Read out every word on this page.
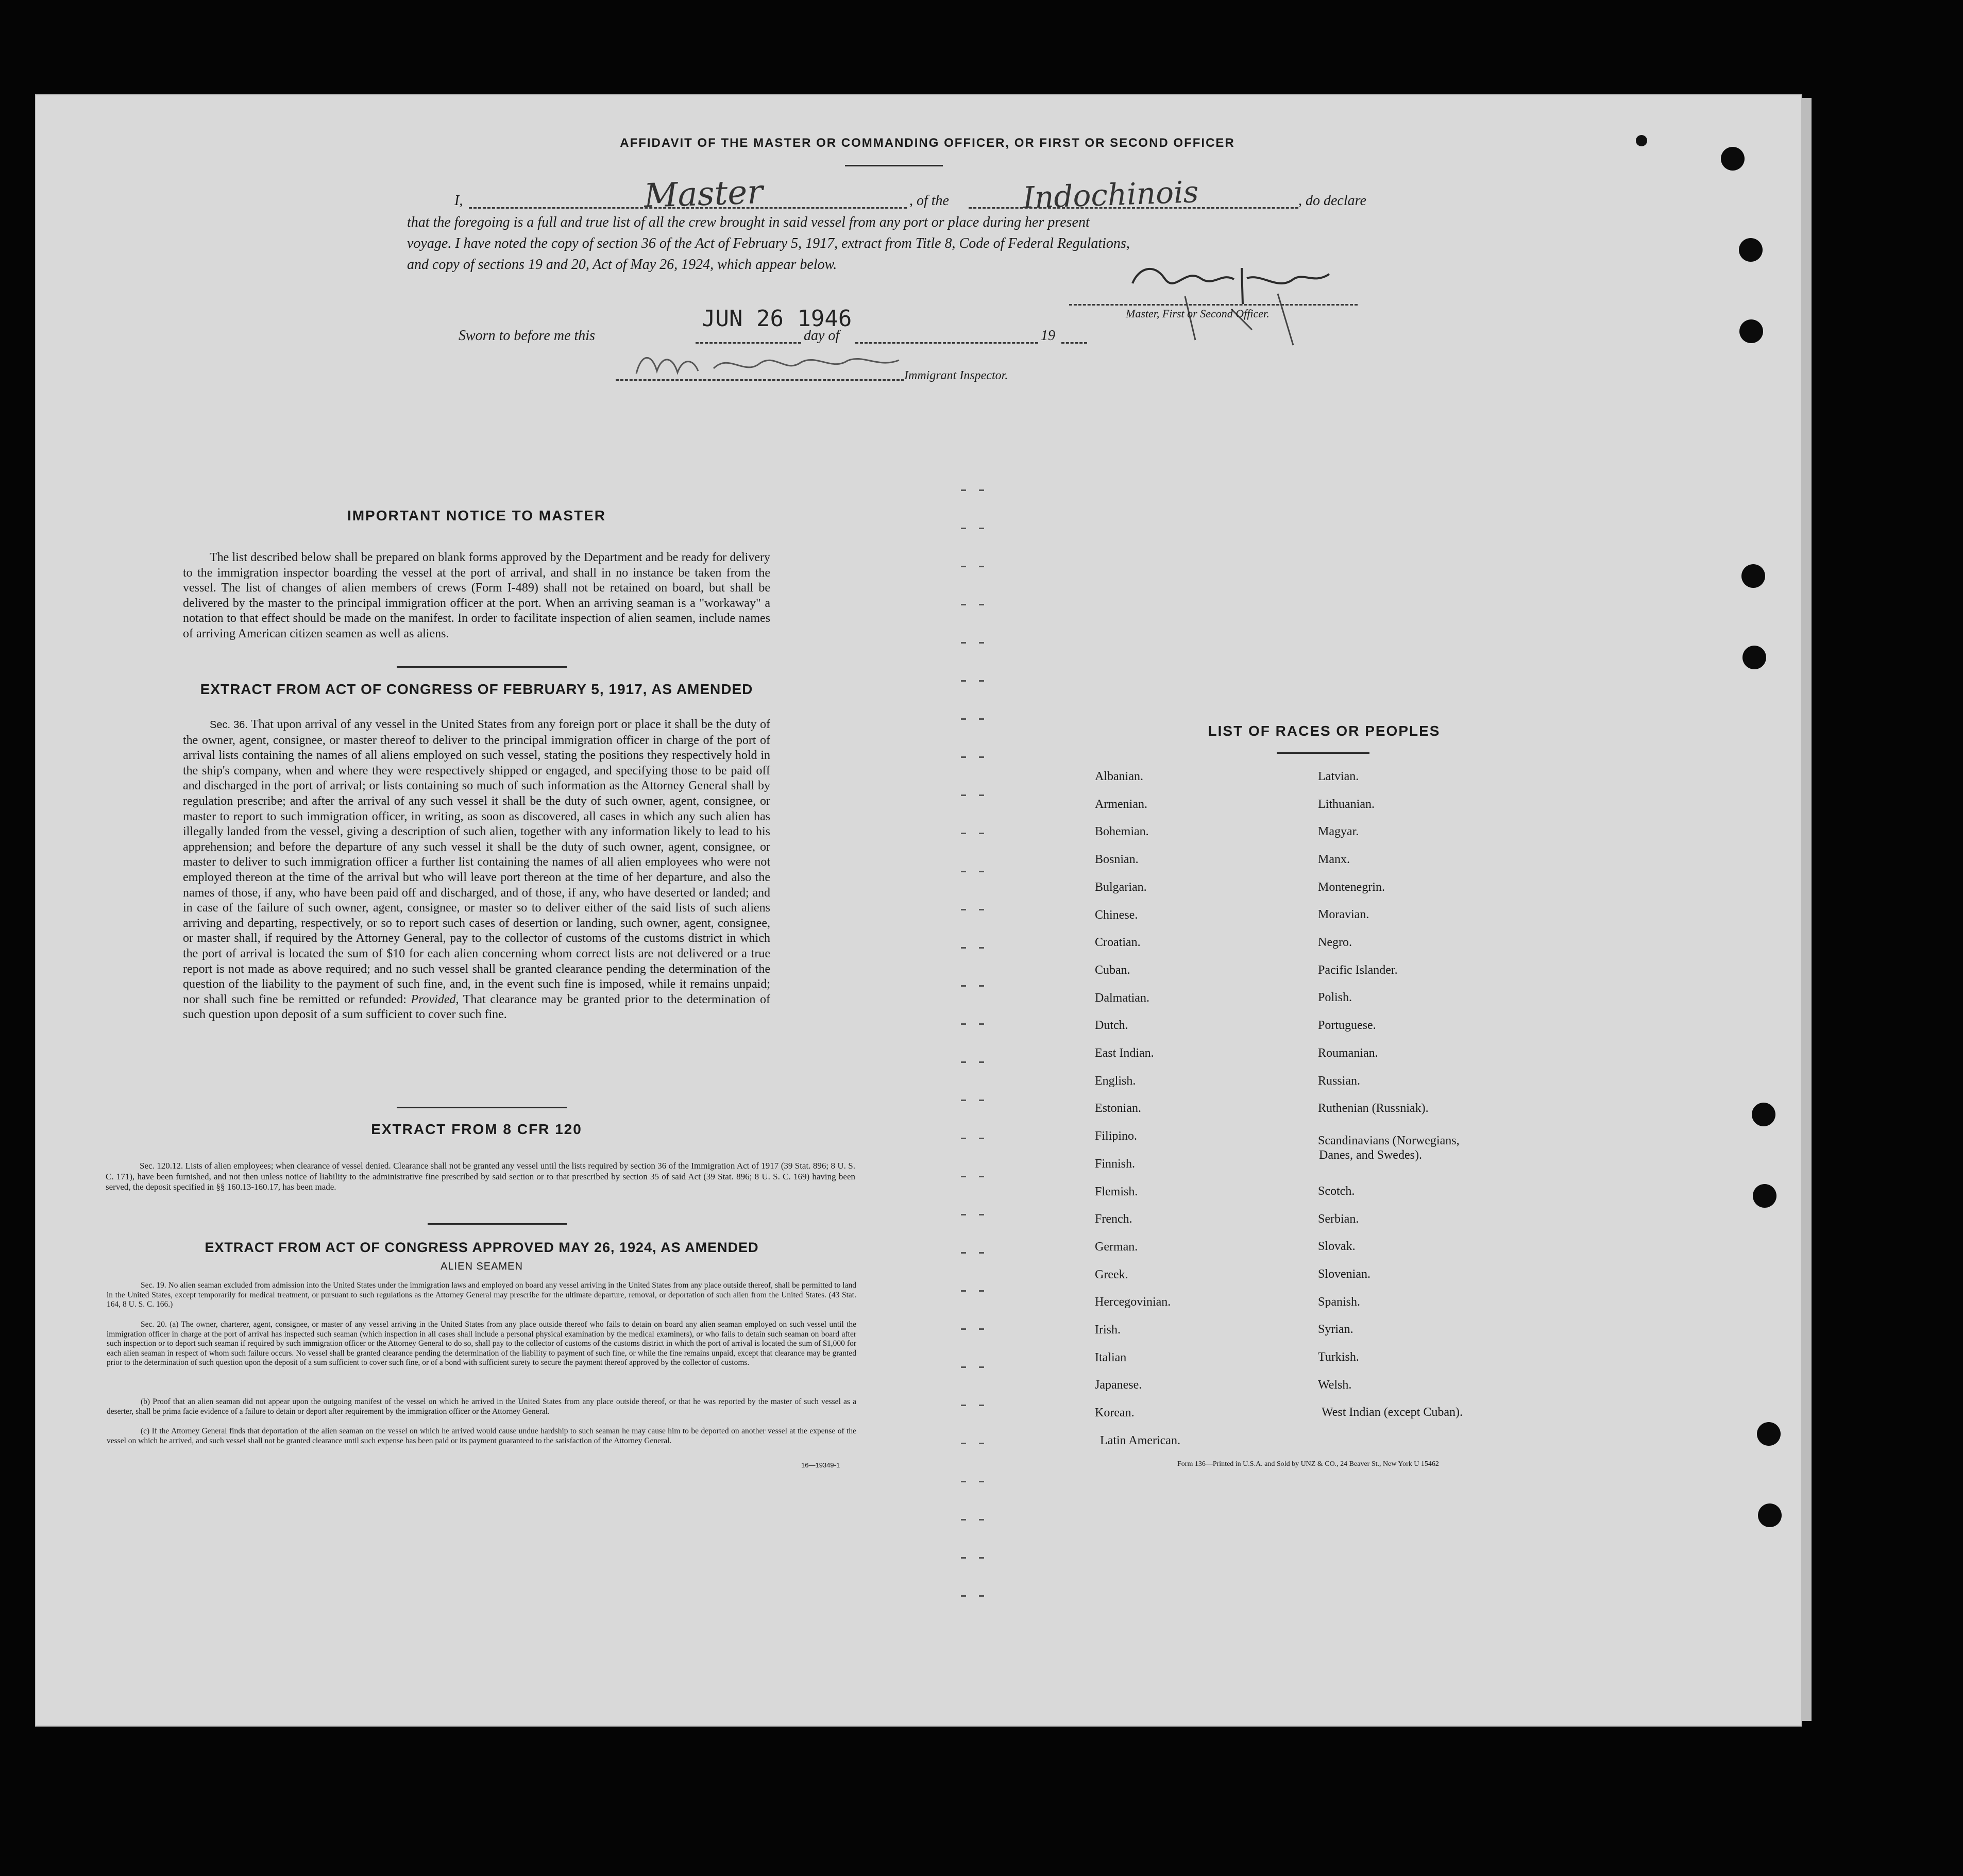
AFFIDAVIT OF THE MASTER OR COMMANDING OFFICER, OR FIRST OR SECOND OFFICER
I,	Master	, of the Indochinois	, do declare
that the foregoing is a full and true list of all the crew brought in said vessel from any port or place during her present
voyage. I have noted the copy of section 36 of the Act of February 5, 1917, extract from Title 8, Code of Federal Regulations,
and copy of sections 19 and 20, Act of May 26, 1924, which appear below.
Master, First or Second Officer.
Sworn to before me this
JUN 26 1946
day of	19
Immigrant Inspector.
IMPORTANT NOTICE TO MASTER
The list described below shall be prepared on blank forms approved by the Department and be ready for delivery to the immigration inspector boarding the vessel at the port of arrival, and shall in no instance be taken from the vessel. The list of changes of alien members of crews (Form I-489) shall not be retained on board, but shall be delivered by the master to the principal immigration officer at the port. When an arriving seaman is a "workaway" a notation to that effect should be made on the manifest. In order to facilitate inspection of alien seamen, include names of arriving American citizen seamen as well as aliens.
EXTRACT FROM ACT OF CONGRESS OF FEBRUARY 5, 1917, AS AMENDED
Sec. 36. That upon arrival of any vessel in the United States from any foreign port or place it shall be the duty of the owner, agent, consignee, or master thereof to deliver to the principal immigration officer in charge of the port of arrival lists containing the names of all aliens employed on such vessel, stating the positions they respectively hold in the ship's company, when and where they were respectively shipped or engaged, and specifying those to be paid off and discharged in the port of arrival; or lists containing so much of such information as the Attorney General shall by regulation prescribe; and after the arrival of any such vessel it shall be the duty of such owner, agent, consignee, or master to report to such immigration officer, in writing, as soon as discovered, all cases in which any such alien has illegally landed from the vessel, giving a description of such alien, together with any information likely to lead to his apprehension; and before the departure of any such vessel it shall be the duty of such owner, agent, consignee, or master to deliver to such immigration officer a further list containing the names of all alien employees who were not employed thereon at the time of the arrival but who will leave port thereon at the time of her departure, and also the names of those, if any, who have been paid off and discharged, and of those, if any, who have deserted or landed; and in case of the failure of such owner, agent, consignee, or master so to deliver either of the said lists of such aliens arriving and departing, respectively, or so to report such cases of desertion or landing, such owner, agent, consignee, or master shall, if required by the Attorney General, pay to the collector of customs of the customs district in which the port of arrival is located the sum of $10 for each alien concerning whom correct lists are not delivered or a true report is not made as above required; and no such vessel shall be granted clearance pending the determination of the question of the liability to the payment of such fine, and, in the event such fine is imposed, while it remains unpaid; nor shall such fine be remitted or refunded: Provided, That clearance may be granted prior to the determination of such question upon deposit of a sum sufficient to cover such fine.
EXTRACT FROM 8 CFR 120
Sec. 120.12. Lists of alien employees; when clearance of vessel denied. Clearance shall not be granted any vessel until the lists required by section 36 of the Immigration Act of 1917 (39 Stat. 896; 8 U. S. C. 171), have been furnished, and not then unless notice of liability to the administrative fine prescribed by said section or to that prescribed by section 35 of said Act (39 Stat. 896; 8 U. S. C. 169) having been served, the deposit specified in §§ 160.13-160.17, has been made.
EXTRACT FROM ACT OF CONGRESS APPROVED MAY 26, 1924, AS AMENDED
ALIEN SEAMEN
Sec. 19. No alien seaman excluded from admission into the United States under the immigration laws and employed on board any vessel arriving in the United States from any place outside thereof, shall be permitted to land in the United States, except temporarily for medical treatment, or pursuant to such regulations as the Attorney General may prescribe for the ultimate departure, removal, or deportation of such alien from the United States. (43 Stat. 164, 8 U. S. C. 166.)
Sec. 20. (a) The owner, charterer, agent, consignee, or master of any vessel arriving in the United States from any place outside thereof who fails to detain on board any alien seaman employed on such vessel until the immigration officer in charge at the port of arrival has inspected such seaman (which inspection in all cases shall include a personal physical examination by the medical examiners), or who fails to detain such seaman on board after such inspection or to deport such seaman if required by such immigration officer or the Attorney General to do so, shall pay to the collector of customs of the customs district in which the port of arrival is located the sum of $1,000 for each alien seaman in respect of whom such failure occurs. No vessel shall be granted clearance pending the determination of the liability to payment of such fine, or while the fine remains unpaid, except that clearance may be granted prior to the determination of such question upon the deposit of a sum sufficient to cover such fine, or of a bond with sufficient surety to secure the payment thereof approved by the collector of customs.
(b) Proof that an alien seaman did not appear upon the outgoing manifest of the vessel on which he arrived in the United States from any place outside thereof, or that he was reported by the master of such vessel as a deserter, shall be prima facie evidence of a failure to detain or deport after requirement by the immigration officer or the Attorney General.
(c) If the Attorney General finds that deportation of the alien seaman on the vessel on which he arrived would cause undue hardship to such seaman he may cause him to be deported on another vessel at the expense of the vessel on which he arrived, and such vessel shall not be granted clearance until such expense has been paid or its payment guaranteed to the satisfaction of the Attorney General.
16—19349-1
LIST OF RACES OR PEOPLES
Albanian.
Armenian.
Bohemian.
Bosnian.
Bulgarian.
Chinese.
Croatian.
Cuban.
Dalmatian.
Dutch.
East Indian.
English.
Estonian.
Filipino.
Finnish.
Flemish.
French.
German.
Greek.
Hercegovinian.
Irish.
Italian
Japanese.
Korean.
Latin American.
Latvian.
Lithuanian.
Magyar.
Manx.
Montenegrin.
Moravian.
Negro.
Pacific Islander.
Polish.
Portuguese.
Roumanian.
Russian.
Ruthenian (Russniak).
Scandinavians (Norwegians,
Danes, and Swedes).
Scotch.
Serbian.
Slovak.
Slovenian.
Spanish.
Syrian.
Turkish.
Welsh.
West Indian (except Cuban).
Form 136—Printed in U.S.A. and Sold by UNZ & CO., 24 Beaver St., New York U 15462
